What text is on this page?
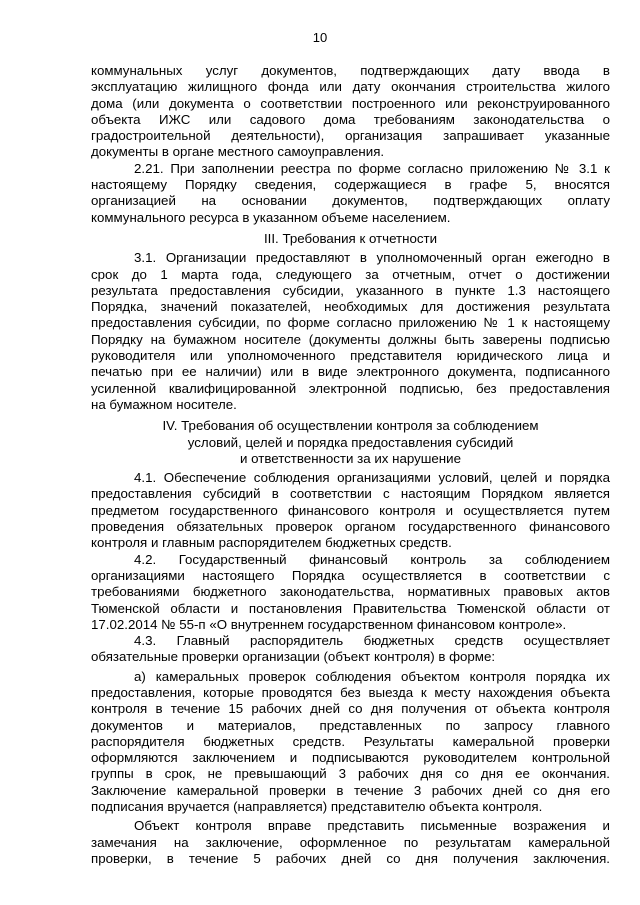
10

коммунальных услуг документов, подтверждающих дату ввода в

эксплуатацию жилищного фонда или дату окончания строительства жилого

дома (или документа о соответствии построенного или реконструированного

объекта ИЖС или садового дома требованиям законодательства о

градостроительной деятельности), организация запрашивает указанные

документы в органе местного самоуправления.

2.21. При заполнении реестра по форме согласно приложению № 3.1 к

настоящему Порядку сведения, содержащиеся в графе 5, вносятся

организацией на основании документов, подтверждающих оплату

коммунального ресурса в указанном объеме населением.

III. Требования к отчетности

3.1. Организации предоставляют в уполномоченный орган ежегодно в

срок до 1 марта года, следующего за отчетным, отчет о достижении

результата предоставления субсидии, указанного в пункте 1.3 настоящего

Порядка, значений показателей, необходимых для достижения результата

предоставления субсидии, по форме согласно приложению № 1 к настоящему

Порядку на бумажном носителе (документы должны быть заверены подписью

руководителя или уполномоченного представителя юридического лица и

печатью при ее наличии) или в виде электронного документа, подписанного

усиленной квалифицированной электронной подписью, без предоставления

на бумажном носителе.

IV. Требования об осуществлении контроля за соблюдением
условий, целей и порядка предоставления субсидий
и ответственности за их нарушение

4.1. Обеспечение соблюдения организациями условий, целей и порядка

предоставления субсидий в соответствии с настоящим Порядком является

предметом государственного финансового контроля и осуществляется путем

проведения обязательных проверок органом государственного финансового

контроля и главным распорядителем бюджетных средств.

4.2. Государственный финансовый контроль за соблюдением

организациями настоящего Порядка осуществляется в соответствии с

требованиями бюджетного законодательства, нормативных правовых актов

Тюменской области и постановления Правительства Тюменской области от

17.02.2014 № 55-п «О внутреннем государственном финансовом контроле».

4.3. Главный распорядитель бюджетных средств осуществляет

обязательные проверки организации (объект контроля) в форме:

а) камеральных проверок соблюдения объектом контроля порядка их

предоставления, которые проводятся без выезда к месту нахождения объекта

контроля в течение 15 рабочих дней со дня получения от объекта контроля

документов и материалов, представленных по запросу главного

распорядителя бюджетных средств. Результаты камеральной проверки

оформляются заключением и подписываются руководителем контрольной

группы в срок, не превышающий 3 рабочих дня со дня ее окончания.

Заключение камеральной проверки в течение 3 рабочих дней со дня его

подписания вручается (направляется) представителю объекта контроля.

Объект контроля вправе представить письменные возражения и

замечания на заключение, оформленное по результатам камеральной

проверки, в течение 5 рабочих дней со дня получения заключения.
